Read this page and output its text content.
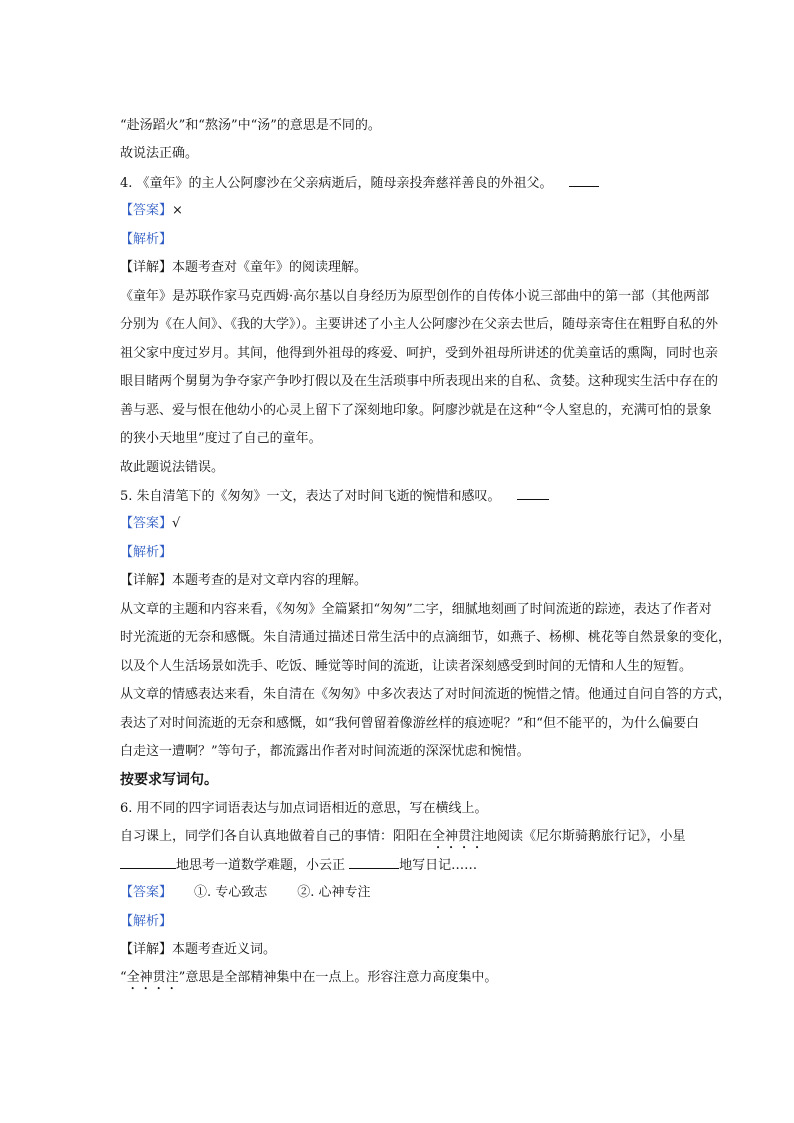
“赴汤蹈火”和“熬汤”中“汤”的意思是不同的。
故说法正确。
4. 《童年》的主人公阿廖沙在父亲病逝后，随母亲投奔慈祥善良的外祖父。
【答案】×
【解析】
【详解】本题考查对《童年》的阅读理解。
《童年》是苏联作家马克西姆·高尔基以自身经历为原型创作的自传体小说三部曲中的第一部（其他两部
分别为《在人间》、《我的大学》）。主要讲述了小主人公阿廖沙在父亲去世后，随母亲寄住在粗野自私的外
祖父家中度过岁月。其间，他得到外祖母的疼爱、呵护，受到外祖母所讲述的优美童话的熏陶，同时也亲
眼目睹两个舅舅为争夺家产争吵打假以及在生活琐事中所表现出来的自私、贪婪。这种现实生活中存在的
善与恶、爱与恨在他幼小的心灵上留下了深刻地印象。阿廖沙就是在这种“令人窒息的，充满可怕的景象
的狭小天地里”度过了自己的童年。
故此题说法错误。
5. 朱自清笔下的《匆匆》一文，表达了对时间飞逝的惋惜和感叹。
【答案】√
【解析】
【详解】本题考查的是对文章内容的理解。
从文章的主题和内容来看，《匆匆》全篇紧扣“匆匆”二字，细腻地刻画了时间流逝的踪迹，表达了作者对
时光流逝的无奈和感慨。朱自清通过描述日常生活中的点滴细节，如燕子、杨柳、桃花等自然景象的变化，
以及个人生活场景如洗手、吃饭、睡觉等时间的流逝，让读者深刻感受到时间的无情和人生的短暂。
从文章的情感表达来看，朱自清在《匆匆》中多次表达了对时间流逝的惋惜之情。他通过自问自答的方式，
表达了对时间流逝的无奈和感慨，如“我何曾留着像游丝样的痕迹呢？”和“但不能平的，为什么偏要白
白走这一遭啊？”等句子，都流露出作者对时间流逝的深深忧虑和惋惜。
按要求写词句。
6. 用不同的四字词语表达与加点词语相近的意思，写在横线上。
自习课上，同学们各自认真地做着自己的事情：阳阳在全神贯注地阅读《尼尔斯骑鹅旅行记》，小星
地思考一道数学难题，小云正	地写日记……
【答案】 ①. 专心致志 ②. 心神专注
【解析】
【详解】本题考查近义词。
“全神贯注”意思是全部精神集中在一点上。形容注意力高度集中。
